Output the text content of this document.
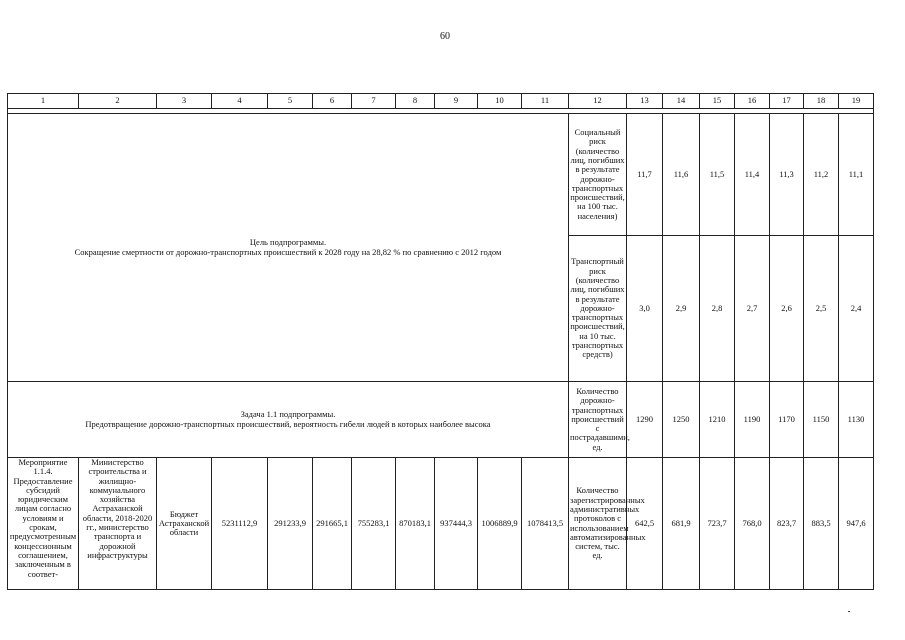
60
1	2	3	4	5	6	7	8	9	10	11	12	13	14	15	16	17	18	19

Цель подпрограммы.
Сокращение смертности от дорожно-транспортных происшествий к 2028 году на 28,82 % по сравнению с 2012 годом											Социальный риск (количество лиц, погибших в результате дорожно-транспортных происшествий, на 100 тыс. населения)	11,7	11,6	11,5	11,4	11,3	11,2	11,1
											Транспортный риск (количество лиц, погибших в результате дорожно-транспортных происшествий, на 10 тыс. транспортных средств)	3,0	2,9	2,8	2,7	2,6	2,5	2,4

Задача 1.1 подпрограммы.
Предотвращение дорожно-транспортных происшествий, вероятность гибели людей в которых наиболее высока											Количество дорожно-транспортных происшествий с пострадавшими, ед.	1290	1250	1210	1190	1170	1150	1130
Мероприятие 1.1.4. Предоставление субсидий юридическим лицам согласно условиям и срокам, предусмотренным концессионным соглашением, заключенным в соответ-	Министерство строительства и жилищно-коммунального хозяйства Астраханской области, 2018-2020 гг., министерство транспорта и дорожной инфраструктуры	Бюджет Астраханской области	5231112,9	291233,9	291665,1	755283,1	870183,1	937444,3	1006889,9	1078413,5	Количество зарегистрированных административных протоколов с использованием автоматизированных систем, тыс. ед.	642,5	681,9	723,7	768,0	823,7	883,5	947,6
